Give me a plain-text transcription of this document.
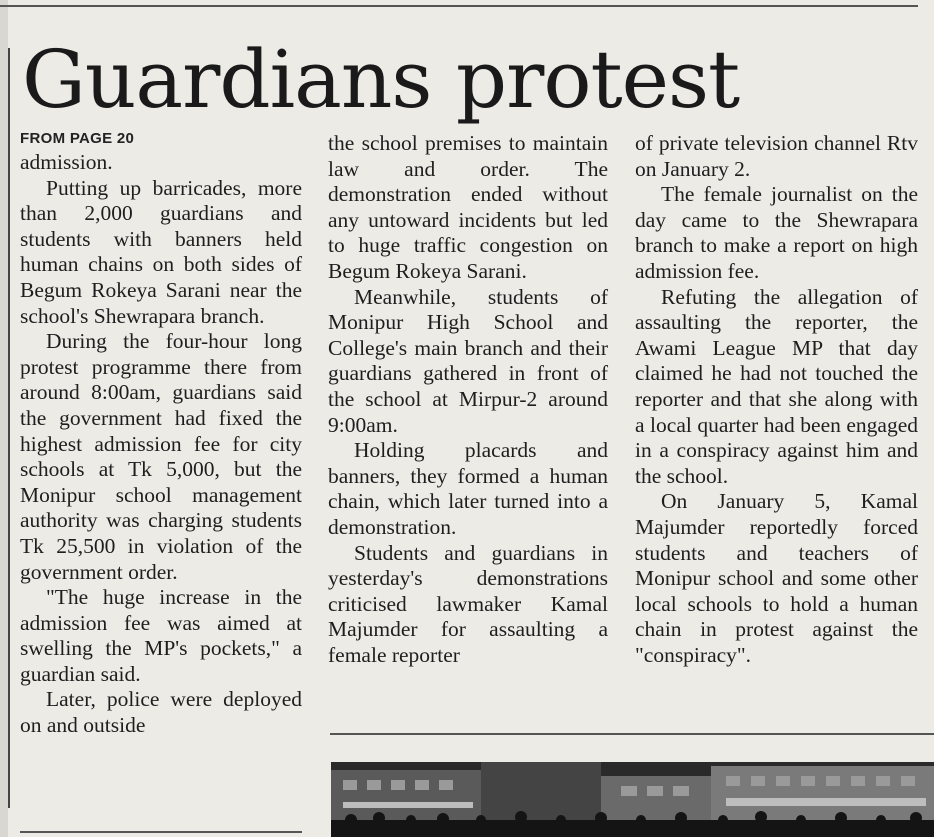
Guardians protest
FROM PAGE 20

admission.

Putting up barricades, more than 2,000 guardians and students with banners held human chains on both sides of Begum Rokeya Sarani near the school's Shewrapara branch.

During the four-hour long protest programme there from around 8:00am, guardians said the government had fixed the highest admission fee for city schools at Tk 5,000, but the Monipur school management authority was charging students Tk 25,500 in violation of the government order.

"The huge increase in the admission fee was aimed at swelling the MP's pockets," a guardian said.

Later, police were deployed on and outside

the school premises to maintain law and order. The demonstration ended without any untoward incidents but led to huge traffic congestion on Begum Rokeya Sarani.

Meanwhile, students of Monipur High School and College's main branch and their guardians gathered in front of the school at Mirpur-2 around 9:00am.

Holding placards and banners, they formed a human chain, which later turned into a demonstration.

Students and guardians in yesterday's demonstrations criticised lawmaker Kamal Majumder for assaulting a female reporter

of private television channel Rtv on January 2.

The female journalist on the day came to the Shewrapara branch to make a report on high admission fee.

Refuting the allegation of assaulting the reporter, the Awami League MP that day claimed he had not touched the reporter and that she along with a local quarter had been engaged in a conspiracy against him and the school.

On January 5, Kamal Majumder reportedly forced students and teachers of Monipur school and some other local schools to hold a human chain in protest against the "conspiracy".
